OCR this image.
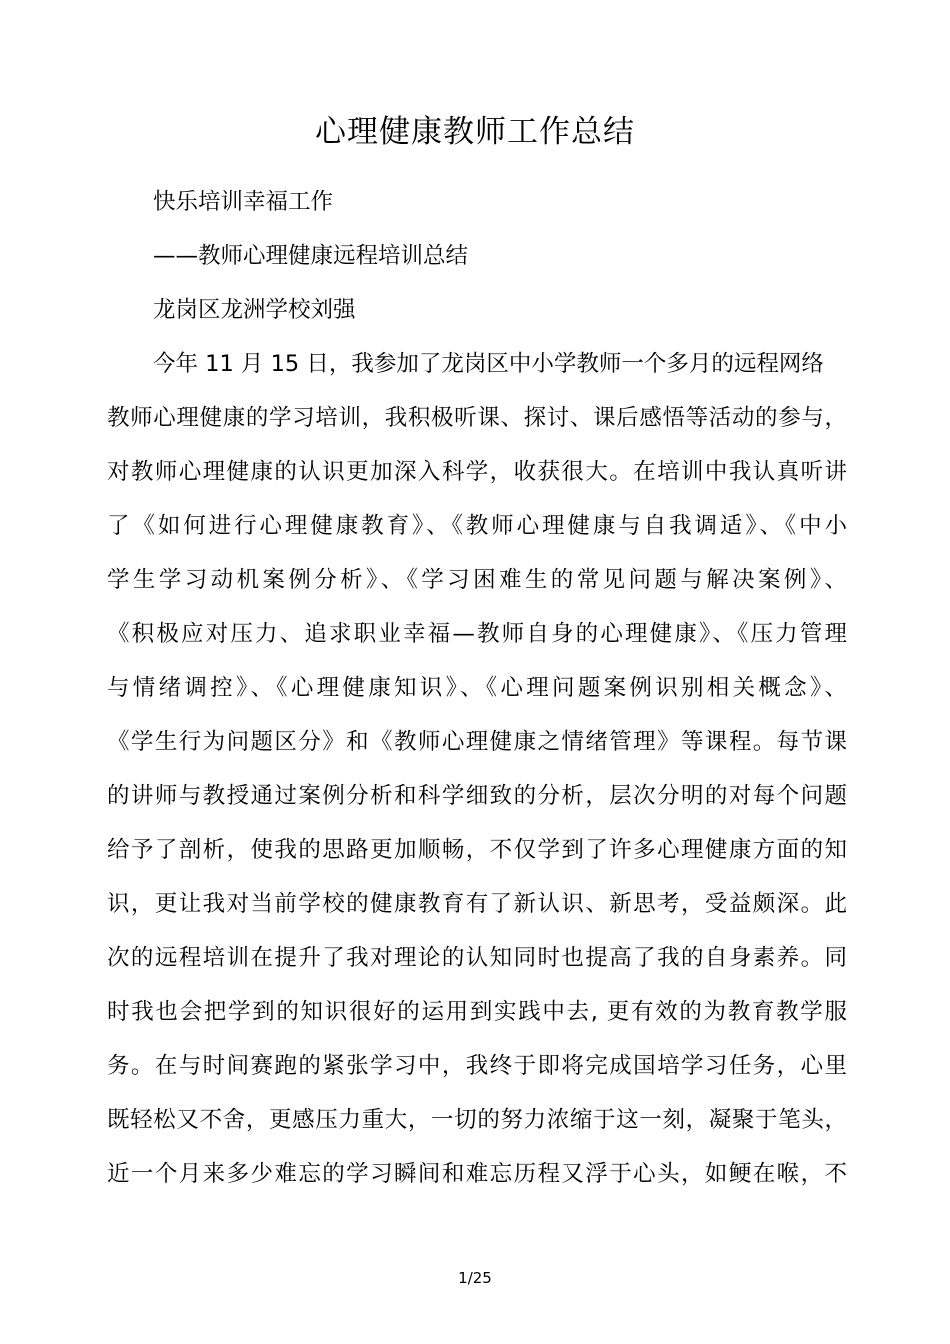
心理健康教师工作总结
快乐培训幸福工作
——教师心理健康远程培训总结
龙岗区龙洲学校刘强
今年 11 月 15 日，我参加了龙岗区中小学教师一个多月的远程网络
教师心理健康的学习培训，我积极听课、探讨、课后感悟等活动的参与，
对教师心理健康的认识更加深入科学，收获很大。在培训中我认真听讲
了《如何进行心理健康教育》、《教师心理健康与自我调适》、《中小
学生学习动机案例分析》、《学习困难生的常见问题与解决案例》、
《积极应对压力、追求职业幸福—教师自身的心理健康》、《压力管理
与情绪调控》、《心理健康知识》、《心理问题案例识别相关概念》、
《学生行为问题区分》和《教师心理健康之情绪管理》等课程。每节课
的讲师与教授通过案例分析和科学细致的分析，层次分明的对每个问题
给予了剖析，使我的思路更加顺畅，不仅学到了许多心理健康方面的知
识，更让我对当前学校的健康教育有了新认识、新思考，受益颇深。此
次的远程培训在提升了我对理论的认知同时也提高了我的自身素养。同
时我也会把学到的知识很好的运用到实践中去, 更有效的为教育教学服
务。在与时间赛跑的紧张学习中，我终于即将完成国培学习任务，心里
既轻松又不舍，更感压力重大，一切的努力浓缩于这一刻，凝聚于笔头，
近一个月来多少难忘的学习瞬间和难忘历程又浮于心头，如鲠在喉，不
1/25
